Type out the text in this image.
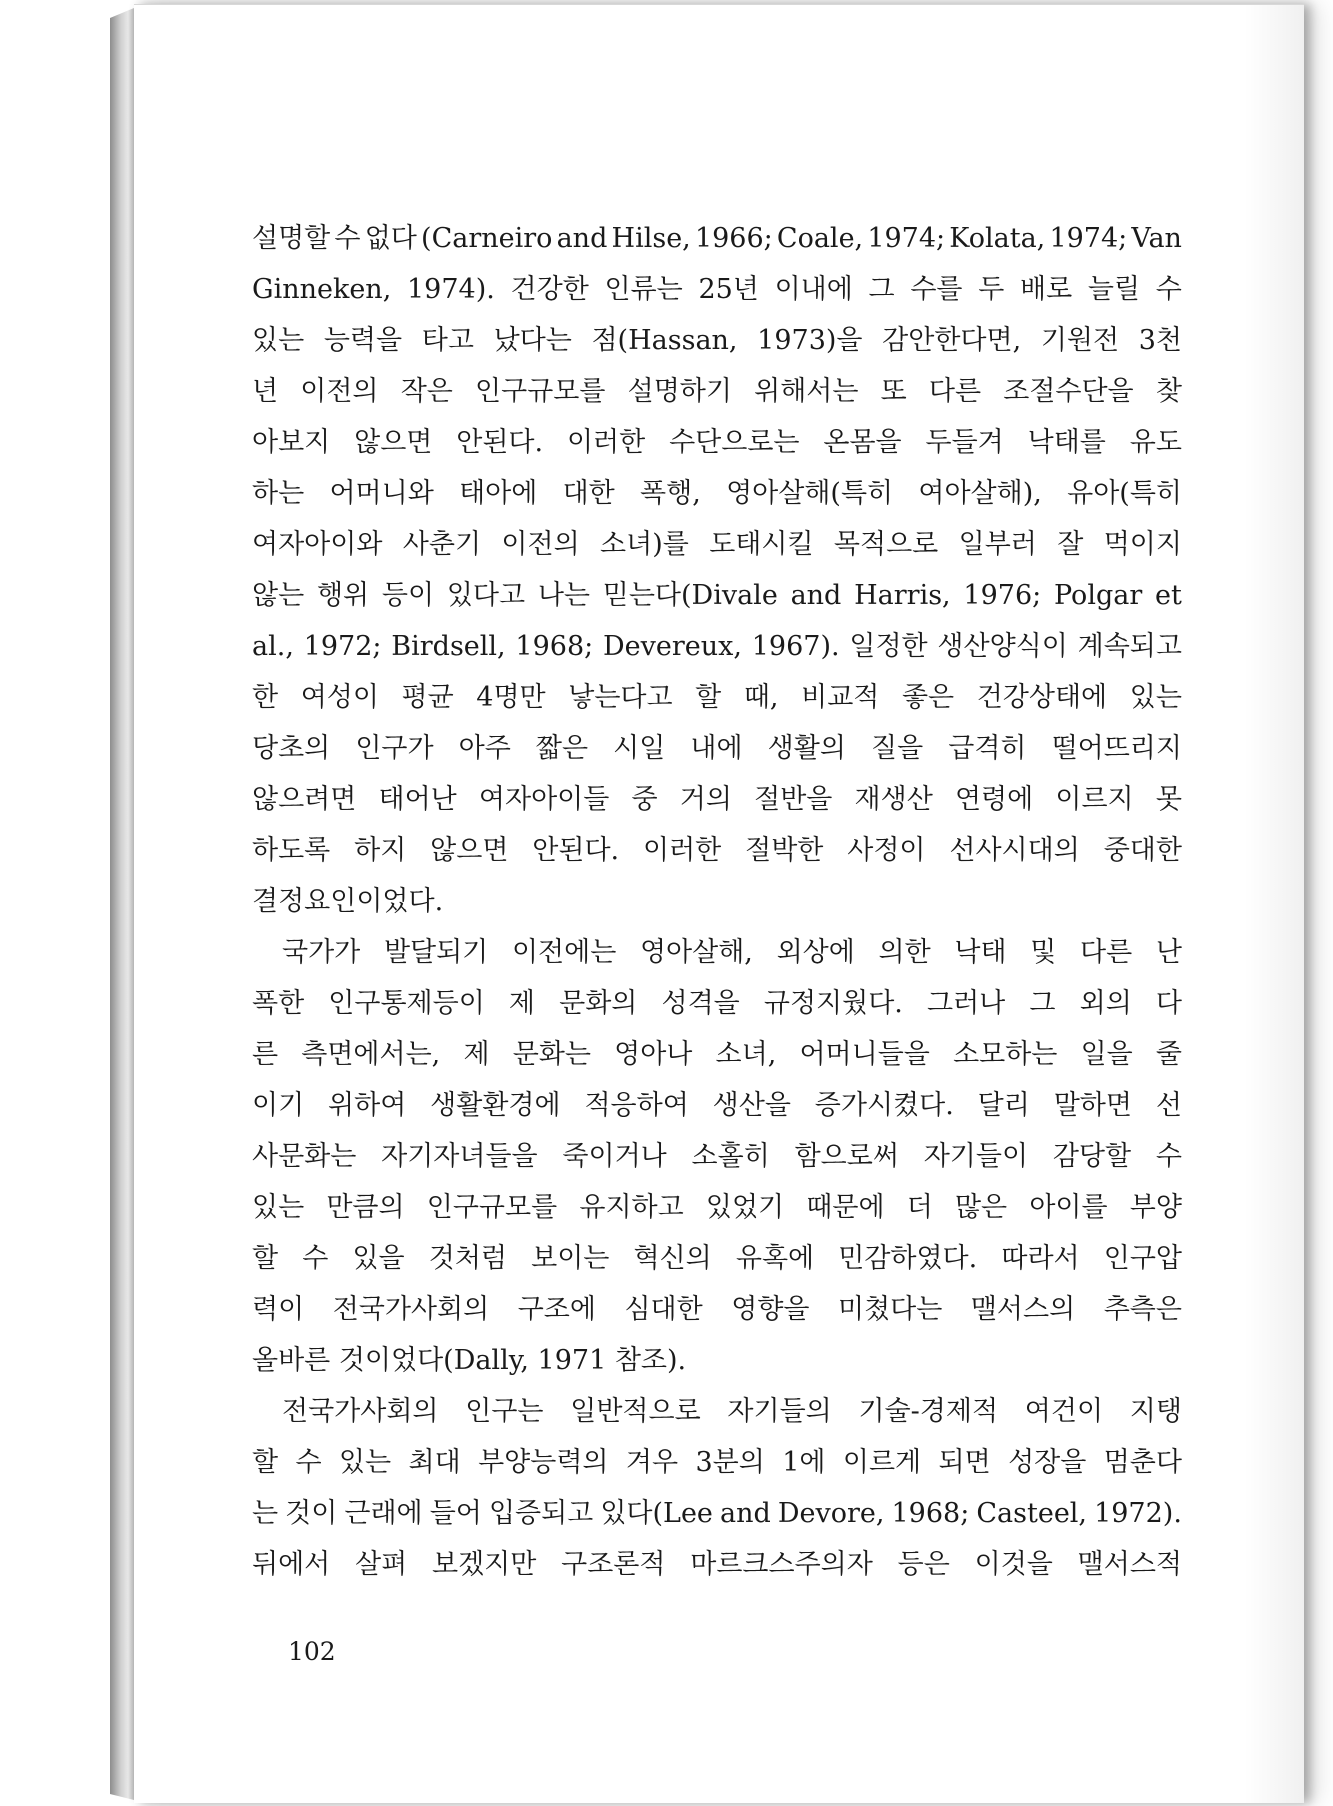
설명할 수 없다 (Carneiro and Hilse, 1966; Coale, 1974; Kolata, 1974; Van
Ginneken, 1974). 건강한 인류는 25년 이내에 그 수를 두 배로 늘릴 수
있는 능력을 타고 났다는 점(Hassan, 1973)을 감안한다면, 기원전 3천
년 이전의 작은 인구규모를 설명하기 위해서는 또 다른 조절수단을 찾
아보지 않으면 안된다. 이러한 수단으로는 온몸을 두들겨 낙태를 유도
하는 어머니와 태아에 대한 폭행, 영아살해(특히 여아살해), 유아(특히
여자아이와 사춘기 이전의 소녀)를 도태시킬 목적으로 일부러 잘 먹이지
않는 행위 등이 있다고 나는 믿는다(Divale and Harris, 1976; Polgar et
al., 1972; Birdsell, 1968; Devereux, 1967). 일정한 생산양식이 계속되고
한 여성이 평균 4명만 낳는다고 할 때, 비교적 좋은 건강상태에 있는
당초의 인구가 아주 짧은 시일 내에 생활의 질을 급격히 떨어뜨리지
않으려면 태어난 여자아이들 중 거의 절반을 재생산 연령에 이르지 못
하도록 하지 않으면 안된다. 이러한 절박한 사정이 선사시대의 중대한
결정요인이었다.
국가가 발달되기 이전에는 영아살해, 외상에 의한 낙태 및 다른 난
폭한 인구통제등이 제 문화의 성격을 규정지웠다. 그러나 그 외의 다
른 측면에서는, 제 문화는 영아나 소녀, 어머니들을 소모하는 일을 줄
이기 위하여 생활환경에 적응하여 생산을 증가시켰다. 달리 말하면 선
사문화는 자기자녀들을 죽이거나 소홀히 함으로써 자기들이 감당할 수
있는 만큼의 인구규모를 유지하고 있었기 때문에 더 많은 아이를 부양
할 수 있을 것처럼 보이는 혁신의 유혹에 민감하였다. 따라서 인구압
력이 전국가사회의 구조에 심대한 영향을 미쳤다는 맬서스의 추측은
올바른 것이었다(Dally, 1971 참조).
전국가사회의 인구는 일반적으로 자기들의 기술-경제적 여건이 지탱
할 수 있는 최대 부양능력의 겨우 3분의 1에 이르게 되면 성장을 멈춘다
는 것이 근래에 들어 입증되고 있다(Lee and Devore, 1968; Casteel, 1972).
뒤에서 살펴 보겠지만 구조론적 마르크스주의자 등은 이것을 맬서스적
102
